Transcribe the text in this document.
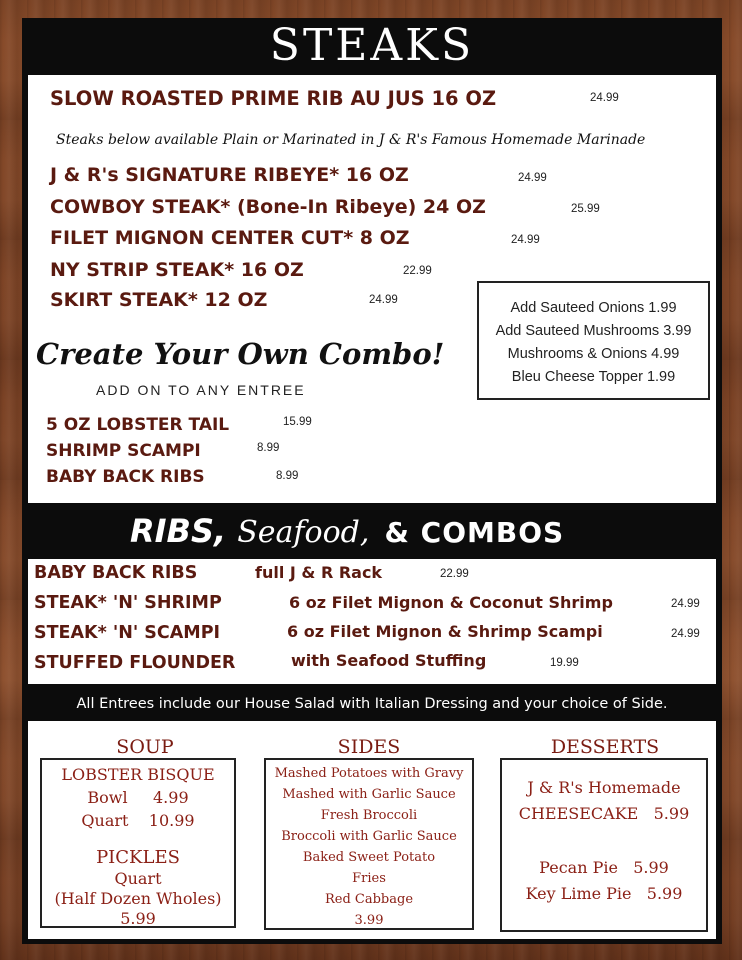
STEAKS
SLOW ROASTED PRIME RIB AU JUS 16 OZ	24.99
Steaks below available Plain or Marinated in J & R's Famous Homemade Marinade
J & R's SIGNATURE RIBEYE* 16 OZ	24.99
COWBOY STEAK* (Bone-In Ribeye) 24 OZ	25.99
FILET MIGNON CENTER CUT* 8 OZ	24.99
NY STRIP STEAK* 16 OZ	22.99
SKIRT STEAK* 12 OZ	24.99
Create Your Own Combo!
ADD ON TO ANY ENTREE
5 OZ LOBSTER TAIL	15.99
SHRIMP SCAMPI	8.99
BABY BACK RIBS	8.99
Add Sauteed Onions 1.99
Add Sauteed Mushrooms 3.99
Mushrooms & Onions 4.99
Bleu Cheese Topper 1.99
RIBS, Seafood, & COMBOS
BABY BACK RIBS	full J & R Rack	22.99
STEAK* 'N' SHRIMP	6 oz Filet Mignon & Coconut Shrimp	24.99
STEAK* 'N' SCAMPI	6 oz Filet Mignon & Shrimp Scampi	24.99
STUFFED FLOUNDER	with Seafood Stuffing	19.99
All Entrees include our House Salad with Italian Dressing and your choice of Side.
SOUP	SIDES	DESSERTS
LOBSTER BISQUE
Bowl     4.99
Quart    10.99
PICKLES
Quart
(Half Dozen Wholes)
5.99
Mashed Potatoes with Gravy
Mashed with Garlic Sauce
Fresh Broccoli
Broccoli with Garlic Sauce
Baked Sweet Potato
Fries
Red Cabbage
3.99
J & R's Homemade
CHEESECAKE   5.99
Pecan Pie   5.99
Key Lime Pie   5.99
